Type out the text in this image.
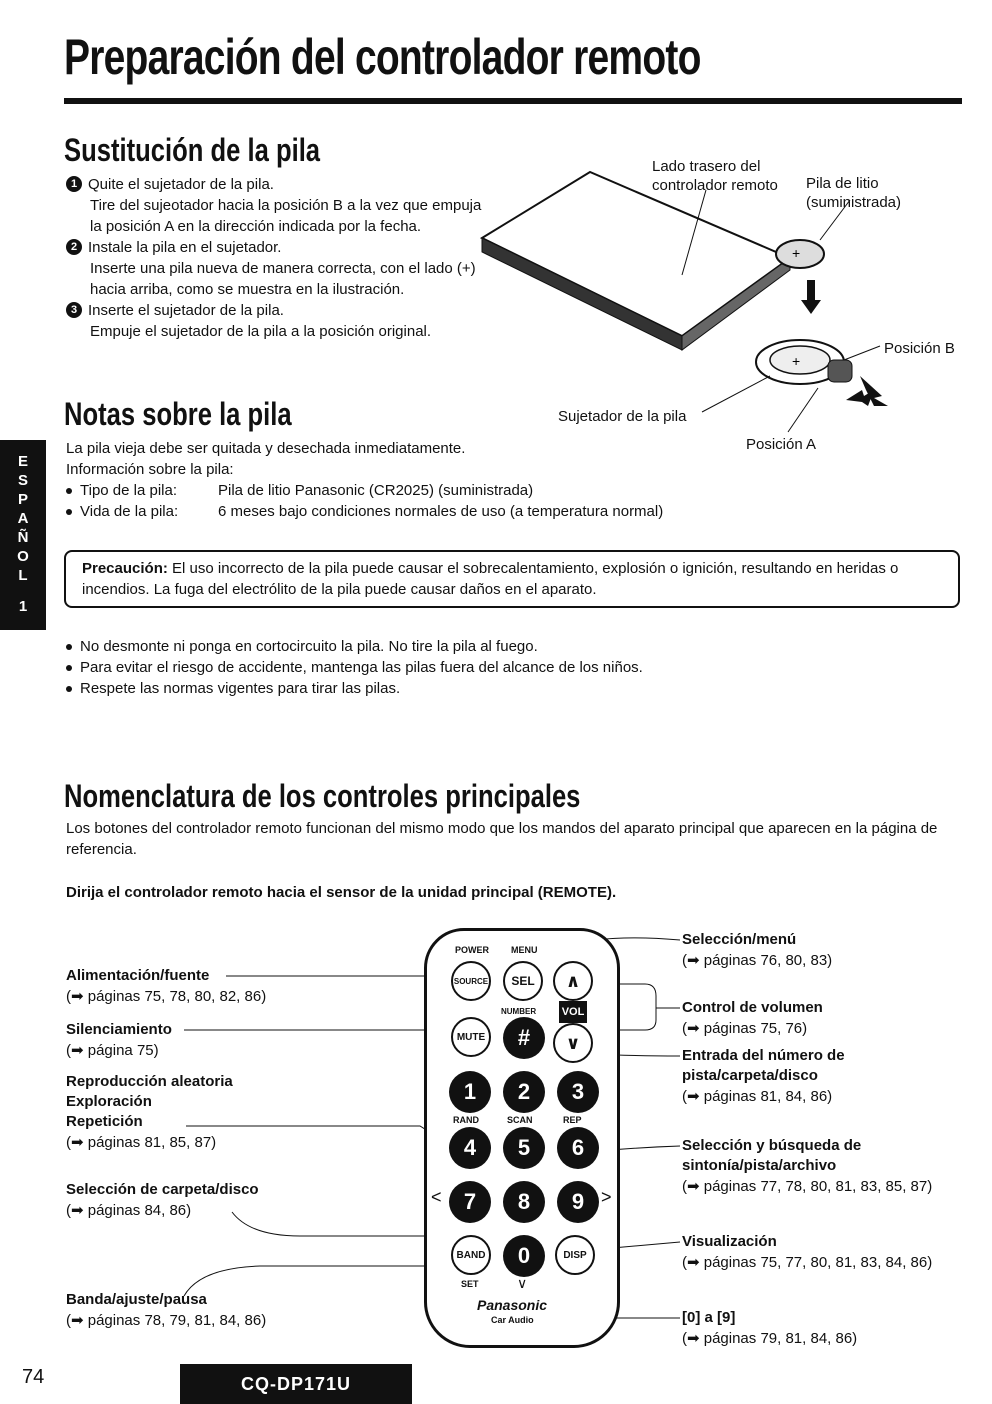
Preparación del controlador remoto
E
S
P
A
Ñ
O
L
1
Sustitución de la pila
1 Quite el sujetador de la pila.
Tire del sujeotador hacia la posición B a la vez que empuja la posición A en la dirección indicada por la fecha.
2 Instale la pila en el sujetador.
Inserte una pila nueva de manera correcta, con el lado (+) hacia arriba, como se muestra en la ilustración.
3 Inserte el sujetador de la pila.
Empuje el sujetador de la pila a la posición original.
+
+
Lado trasero del controlador remoto	Pila de litio (suministrada)
Posición B
Posición A
Sujetador de la pila
Notas sobre la pila
La pila vieja debe ser quitada y desechada inmediatamente.
Información sobre la pila:
Tipo de la pila:	Pila de litio Panasonic (CR2025) (suministrada)
Vida de la pila:	6 meses bajo condiciones normales de uso (a temperatura normal)
Precaución: El uso incorrecto de la pila puede causar el sobrecalentamiento, explosión o ignición, resultando en heridas o incendios. La fuga del electrólito de la pila puede causar daños en el aparato.
No desmonte ni ponga en cortocircuito la pila. No tire la pila al fuego.
Para evitar el riesgo de accidente, mantenga las pilas fuera del alcance de los niños.
Respete las normas vigentes para tirar las pilas.
Nomenclatura de los controles principales
Los botones del controlador remoto funcionan del mismo modo que los mandos del aparato principal que aparecen en la página de referencia.
Dirija el controlador remoto hacia el sensor de la unidad principal (REMOTE).
Alimentación/fuente
(➡ páginas 75, 78, 80, 82, 86)
Silenciamiento
(➡ página 75)
Reproducción aleatoria
Exploración
Repetición
(➡ páginas 81, 85, 87)
Selección de carpeta/disco
(➡ páginas 84, 86)
Banda/ajuste/pausa
(➡ páginas 78, 79, 81, 84, 86)
Selección/menú
(➡ páginas 76, 80, 83)
Control de volumen
(➡ páginas 75, 76)
Entrada del número de pista/carpeta/disco
(➡ páginas 81, 84, 86)
Selección y búsqueda de sintonía/pista/archivo
(➡ páginas 77, 78, 80, 81, 83, 85, 87)
Visualización
(➡ páginas 75, 77, 80, 81, 83, 84, 86)
[0] a [9]
(➡ páginas 79, 81, 84, 86)
POWER MENU
SOURCE	SEL
NUMBER
∧
VOL
∨
MUTE	#
1	2	3
RAND	SCAN	REP
4	5	6
<	7	8	9 >
BAND	0	DISP
SET	∨
Panasonic
Car Audio
74	CQ-DP171U
